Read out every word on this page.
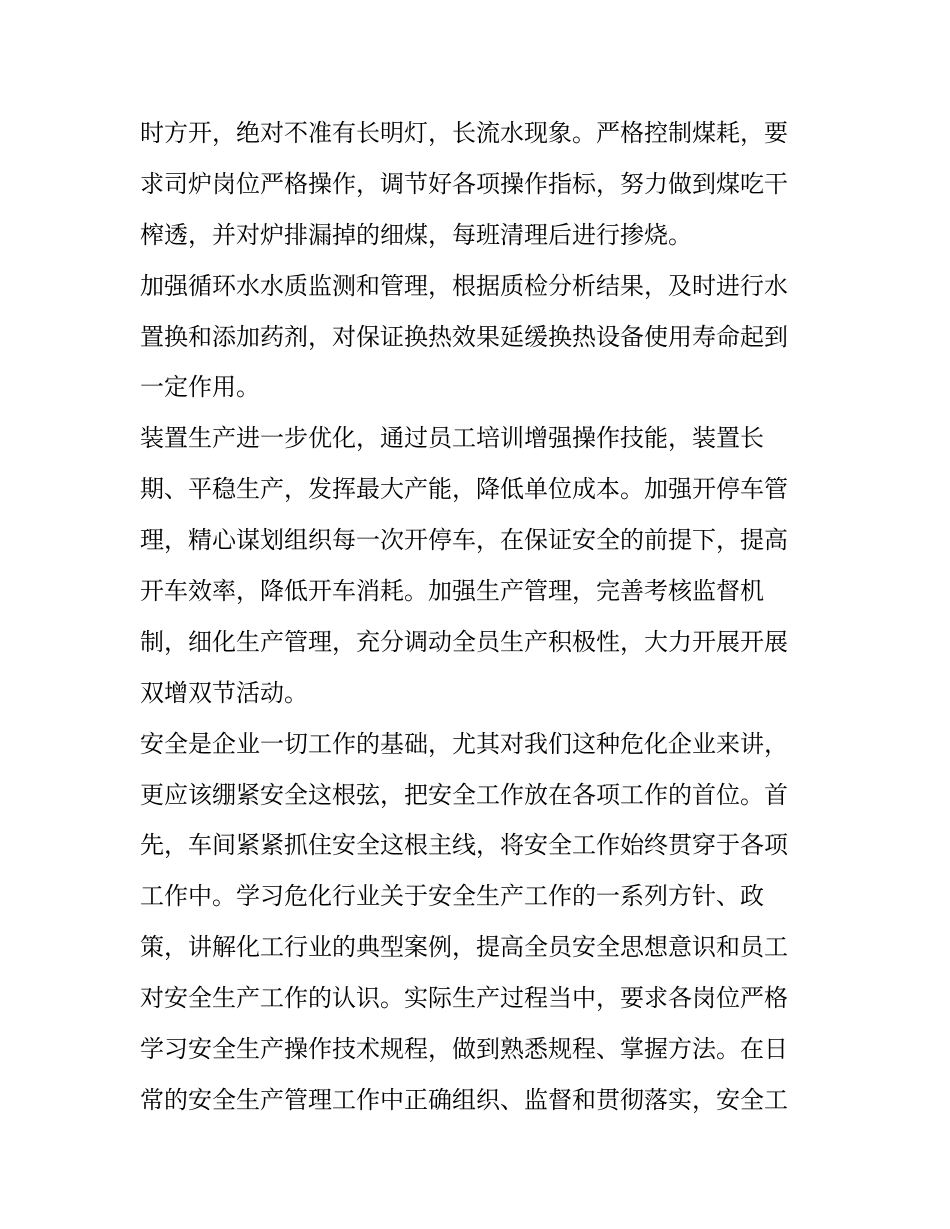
时方开，绝对不准有长明灯，长流水现象。严格控制煤耗，要
求司炉岗位严格操作，调节好各项操作指标，努力做到煤吃干
榨透，并对炉排漏掉的细煤，每班清理后进行掺烧。
加强循环水水质监测和管理，根据质检分析结果，及时进行水
置换和添加药剂，对保证换热效果延缓换热设备使用寿命起到
一定作用。
装置生产进一步优化，通过员工培训增强操作技能，装置长
期、平稳生产，发挥最大产能，降低单位成本。加强开停车管
理，精心谋划组织每一次开停车，在保证安全的前提下，提高
开车效率，降低开车消耗。加强生产管理，完善考核监督机
制，细化生产管理，充分调动全员生产积极性，大力开展开展
双增双节活动。
安全是企业一切工作的基础，尤其对我们这种危化企业来讲，
更应该绷紧安全这根弦，把安全工作放在各项工作的首位。首
先，车间紧紧抓住安全这根主线，将安全工作始终贯穿于各项
工作中。学习危化行业关于安全生产工作的一系列方针、政
策，讲解化工行业的典型案例，提高全员安全思想意识和员工
对安全生产工作的认识。实际生产过程当中，要求各岗位严格
学习安全生产操作技术规程，做到熟悉规程、掌握方法。在日
常的安全生产管理工作中正确组织、监督和贯彻落实，安全工
